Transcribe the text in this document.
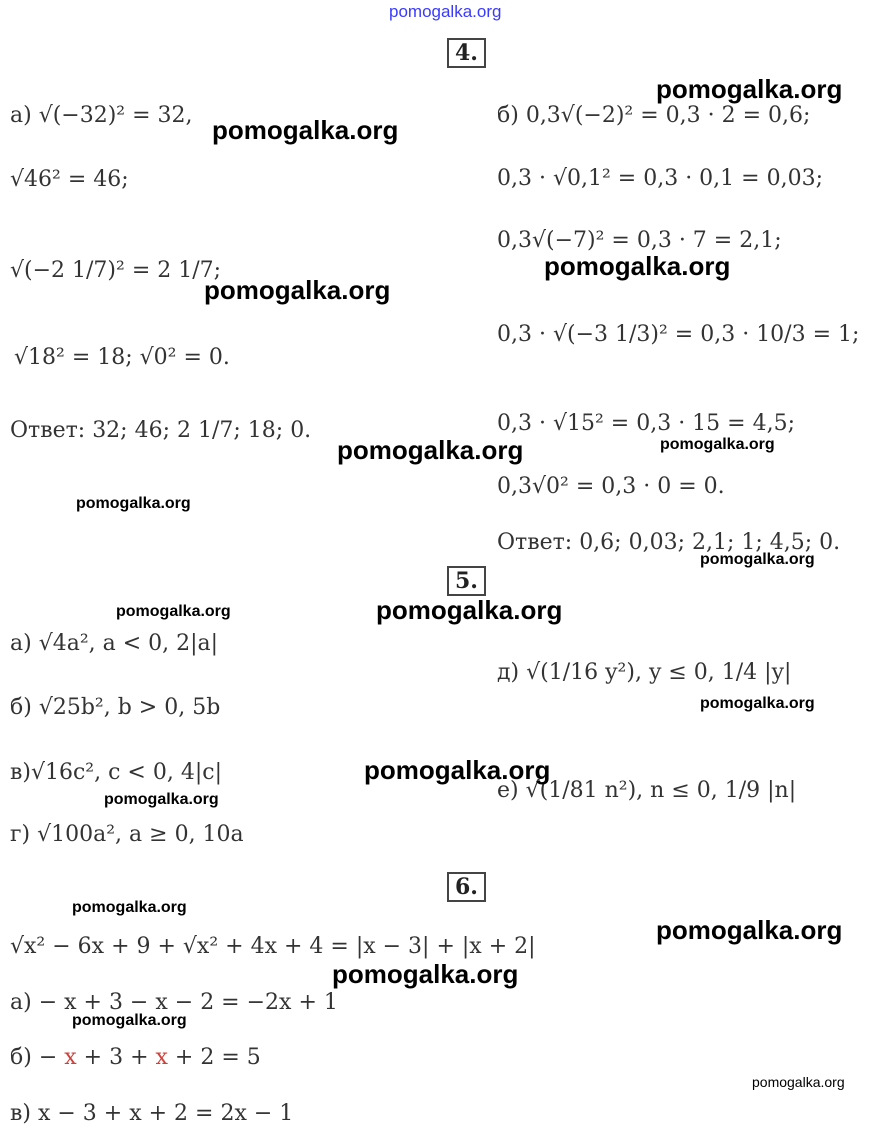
pomogalka.org
4.
а) √(−32)² = 32,
√46² = 46;
√(−2 1/7)² = 2 1/7;
√18² = 18; √0² = 0.
Ответ: 32; 46; 2 1/7; 18; 0.
б) 0,3√(−2)² = 0,3 · 2 = 0,6;
0,3 · √0,1² = 0,3 · 0,1 = 0,03;
0,3√(−7)² = 0,3 · 7 = 2,1;
0,3 · √(−3 1/3)² = 0,3 · 10/3 = 1;
0,3 · √15² = 0,3 · 15 = 4,5;
0,3√0² = 0,3 · 0 = 0.
Ответ: 0,6; 0,03; 2,1; 1; 4,5; 0.
5.
а) √4a², a < 0, 2|a|
б) √25b², b > 0, 5b
в)√16c², c < 0, 4|c|
г) √100a², a ≥ 0, 10a
д) √(1/16 y²), y ≤ 0, 1/4 |y|
е) √(1/81 n²), n ≤ 0, 1/9 |n|
6.
√x² − 6x + 9 + √x² + 4x + 4 = |x − 3| + |x + 2|
а) − x + 3 − x − 2 = −2x + 1
б) − x + 3 + x + 2 = 5
в) x − 3 + x + 2 = 2x − 1
pomogalka.org
pomogalka.org
pomogalka.org
pomogalka.org
pomogalka.org
pomogalka.org
pomogalka.org
pomogalka.org
pomogalka.org	pomogalka.org
pomogalka.org
pomogalka.org
pomogalka.org
pomogalka.org
pomogalka.org
pomogalka.org
pomogalka.org
pomogalka.org
